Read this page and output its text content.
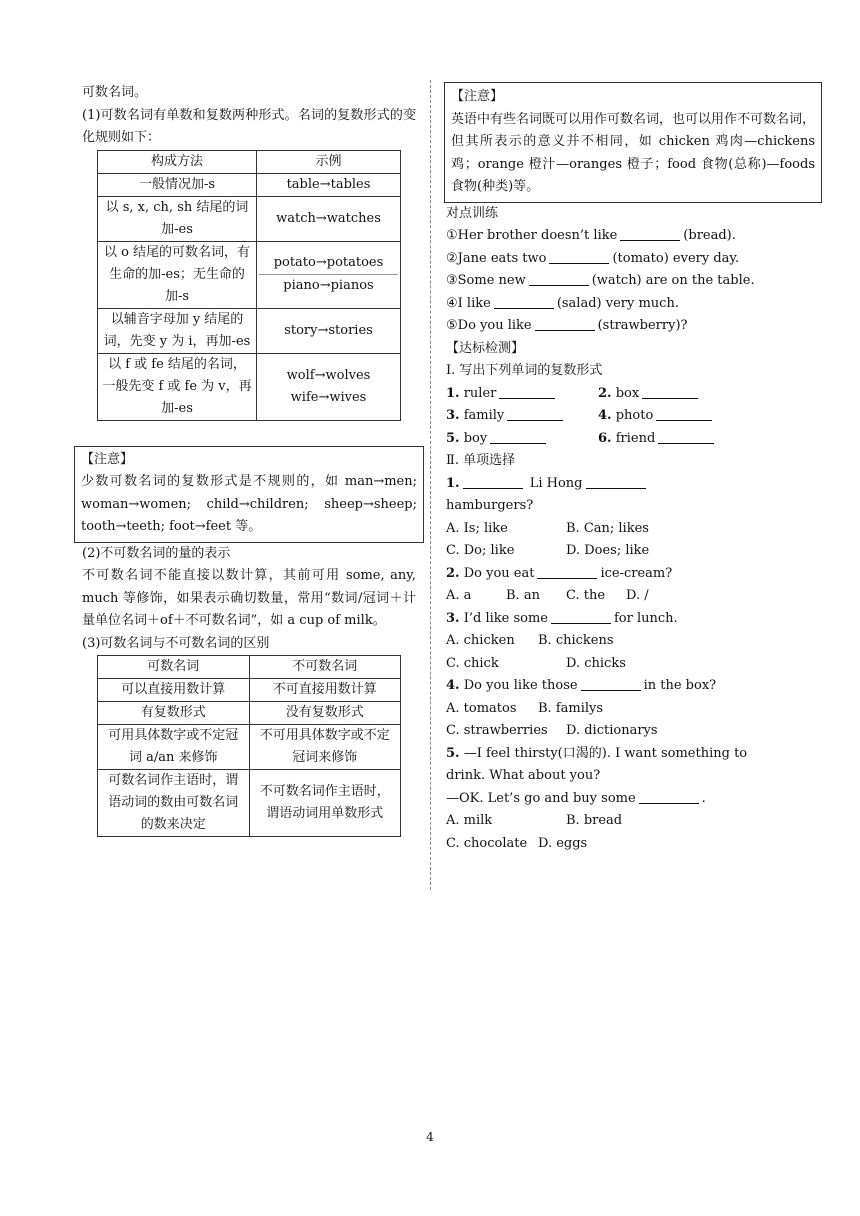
可数名词。

(1)可数名词有单数和复数两种形式。名词的复数形式的变化规则如下：

构成方法	示例
一般情况加-s	table→tables

以 s, x, ch, sh 结尾的词加-es	watch→watches

以 o 结尾的可数名词，有生命的加-es；无生命的加-s	potato→potatoes
piano→pianos

以辅音字母加 y 结尾的词，先变 y 为 i，再加-es	story→stories

以 f 或 fe 结尾的名词，一般先变 f 或 fe 为 v，再加-es	wolf→wolves
wife→wives

【注意】

少数可数名词的复数形式是不规则的，如 man→men; woman→women; child→children; sheep→sheep; tooth→teeth; foot→feet 等。

(2)不可数名词的量的表示

不可数名词不能直接以数计算，其前可用 some, any, much 等修饰，如果表示确切数量，常用“数词/冠词＋计量单位名词＋of＋不可数名词”，如 a cup of milk。

(3)可数名词与不可数名词的区别

可数名词	不可数名词
可以直接用数计算	不可直接用数计算
有复数形式	没有复数形式
可用具体数字或不定冠词 a/an 来修饰	不可用具体数字或不定冠词来修饰
可数名词作主语时，谓语动词的数由可数名词的数来决定	不可数名词作主语时，谓语动词用单数形式

【注意】

英语中有些名词既可以用作可数名词，也可以用作不可数名词，但其所表示的意义并不相同，如 chicken 鸡肉—chickens 鸡；orange 橙汁—oranges 橙子；food 食物(总称)—foods 食物(种类)等。

对点训练

①Her brother doesn’t like	(bread).

②Jane eats two	(tomato) every day.

③Some new	(watch) are on the table.

④I like	(salad) very much.

⑤Do you like	(strawberry)?

【达标检测】

Ⅰ. 写出下列单词的复数形式

1. ruler	2. box

3. family	4. photo

5. boy	6. friend

Ⅱ. 单项选择

1.	Li Hong

hamburgers?

A. Is; like	B. Can; likes

C. Do; like	D. Does; like

2. Do you eat	ice-cream?

A. a	B. an C. the D. /

3. I’d like some	for lunch.

A. chicken B. chickens

C. chick	D. chicks

4. Do you like those	in the box?

A. tomatos B. familys

C. strawberries D. dictionarys

5. —I feel thirsty(口渴的). I want something to drink. What about you?

—OK. Let’s go and buy some	.

A. milk	B. bread

C. chocolate D. eggs

4
